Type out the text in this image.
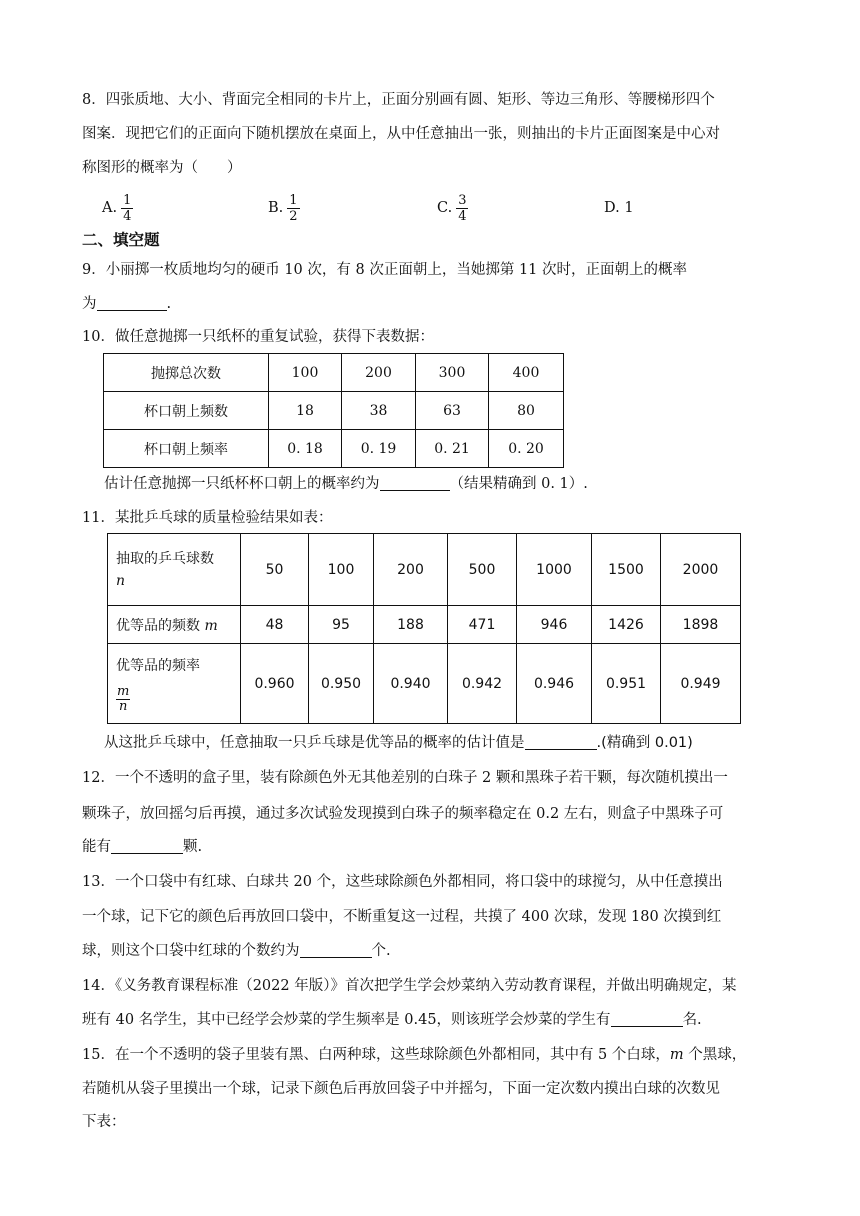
8．四张质地、大小、背面完全相同的卡片上，正面分别画有圆、矩形、等边三角形、等腰梯形四个
图案．现把它们的正面向下随机摆放在桌面上，从中任意抽出一张，则抽出的卡片正面图案是中心对
称图形的概率为（　　）
A. $\frac{1}{4}$	B. $\frac{1}{2}$	C. $\frac{3}{4}$	D. 1
二、填空题
9．小丽掷一枚质地均匀的硬币 10 次，有 8 次正面朝上，当她掷第 11 次时，正面朝上的概率
为	.
10．做任意抛掷一只纸杯的重复试验，获得下表数据：
抛掷总次数	100	200	300	400
杯口朝上频数	18	38	63	80
杯口朝上频率	0. 18	0. 19	0. 21	0. 20
估计任意抛掷一只纸杯杯口朝上的概率约为	（结果精确到 0. 1）.
11．某批乒乓球的质量检验结果如表：
抽取的乒乓球数
n	50	100	200	500	1000	1500	2000
优等品的频数 m	48	95	188	471	946	1426	1898

优等品的频率
$\frac{m}{n}$	0.960	0.950	0.940	0.942	0.946	0.951	0.949
从这批乒乓球中，任意抽取一只乒乓球是优等品的概率的估计值是	.(精确到 0.01)
12．一个不透明的盒子里，装有除颜色外无其他差别的白珠子 2 颗和黑珠子若干颗，每次随机摸出一
颗珠子，放回摇匀后再摸，通过多次试验发现摸到白珠子的频率稳定在 0.2 左右，则盒子中黑珠子可
能有	颗.
13．一个口袋中有红球、白球共 20 个，这些球除颜色外都相同，将口袋中的球搅匀，从中任意摸出
一个球，记下它的颜色后再放回口袋中，不断重复这一过程，共摸了 400 次球，发现 180 次摸到红
球，则这个口袋中红球的个数约为	个.
14．《义务教育课程标准（2022 年版）》首次把学生学会炒菜纳入劳动教育课程，并做出明确规定，某
班有 40 名学生，其中已经学会炒菜的学生频率是 0.45，则该班学会炒菜的学生有	名.
15．在一个不透明的袋子里装有黑、白两种球，这些球除颜色外都相同，其中有 5 个白球，m 个黑球，
若随机从袋子里摸出一个球，记录下颜色后再放回袋子中并摇匀，下面一定次数内摸出白球的次数见
下表：
